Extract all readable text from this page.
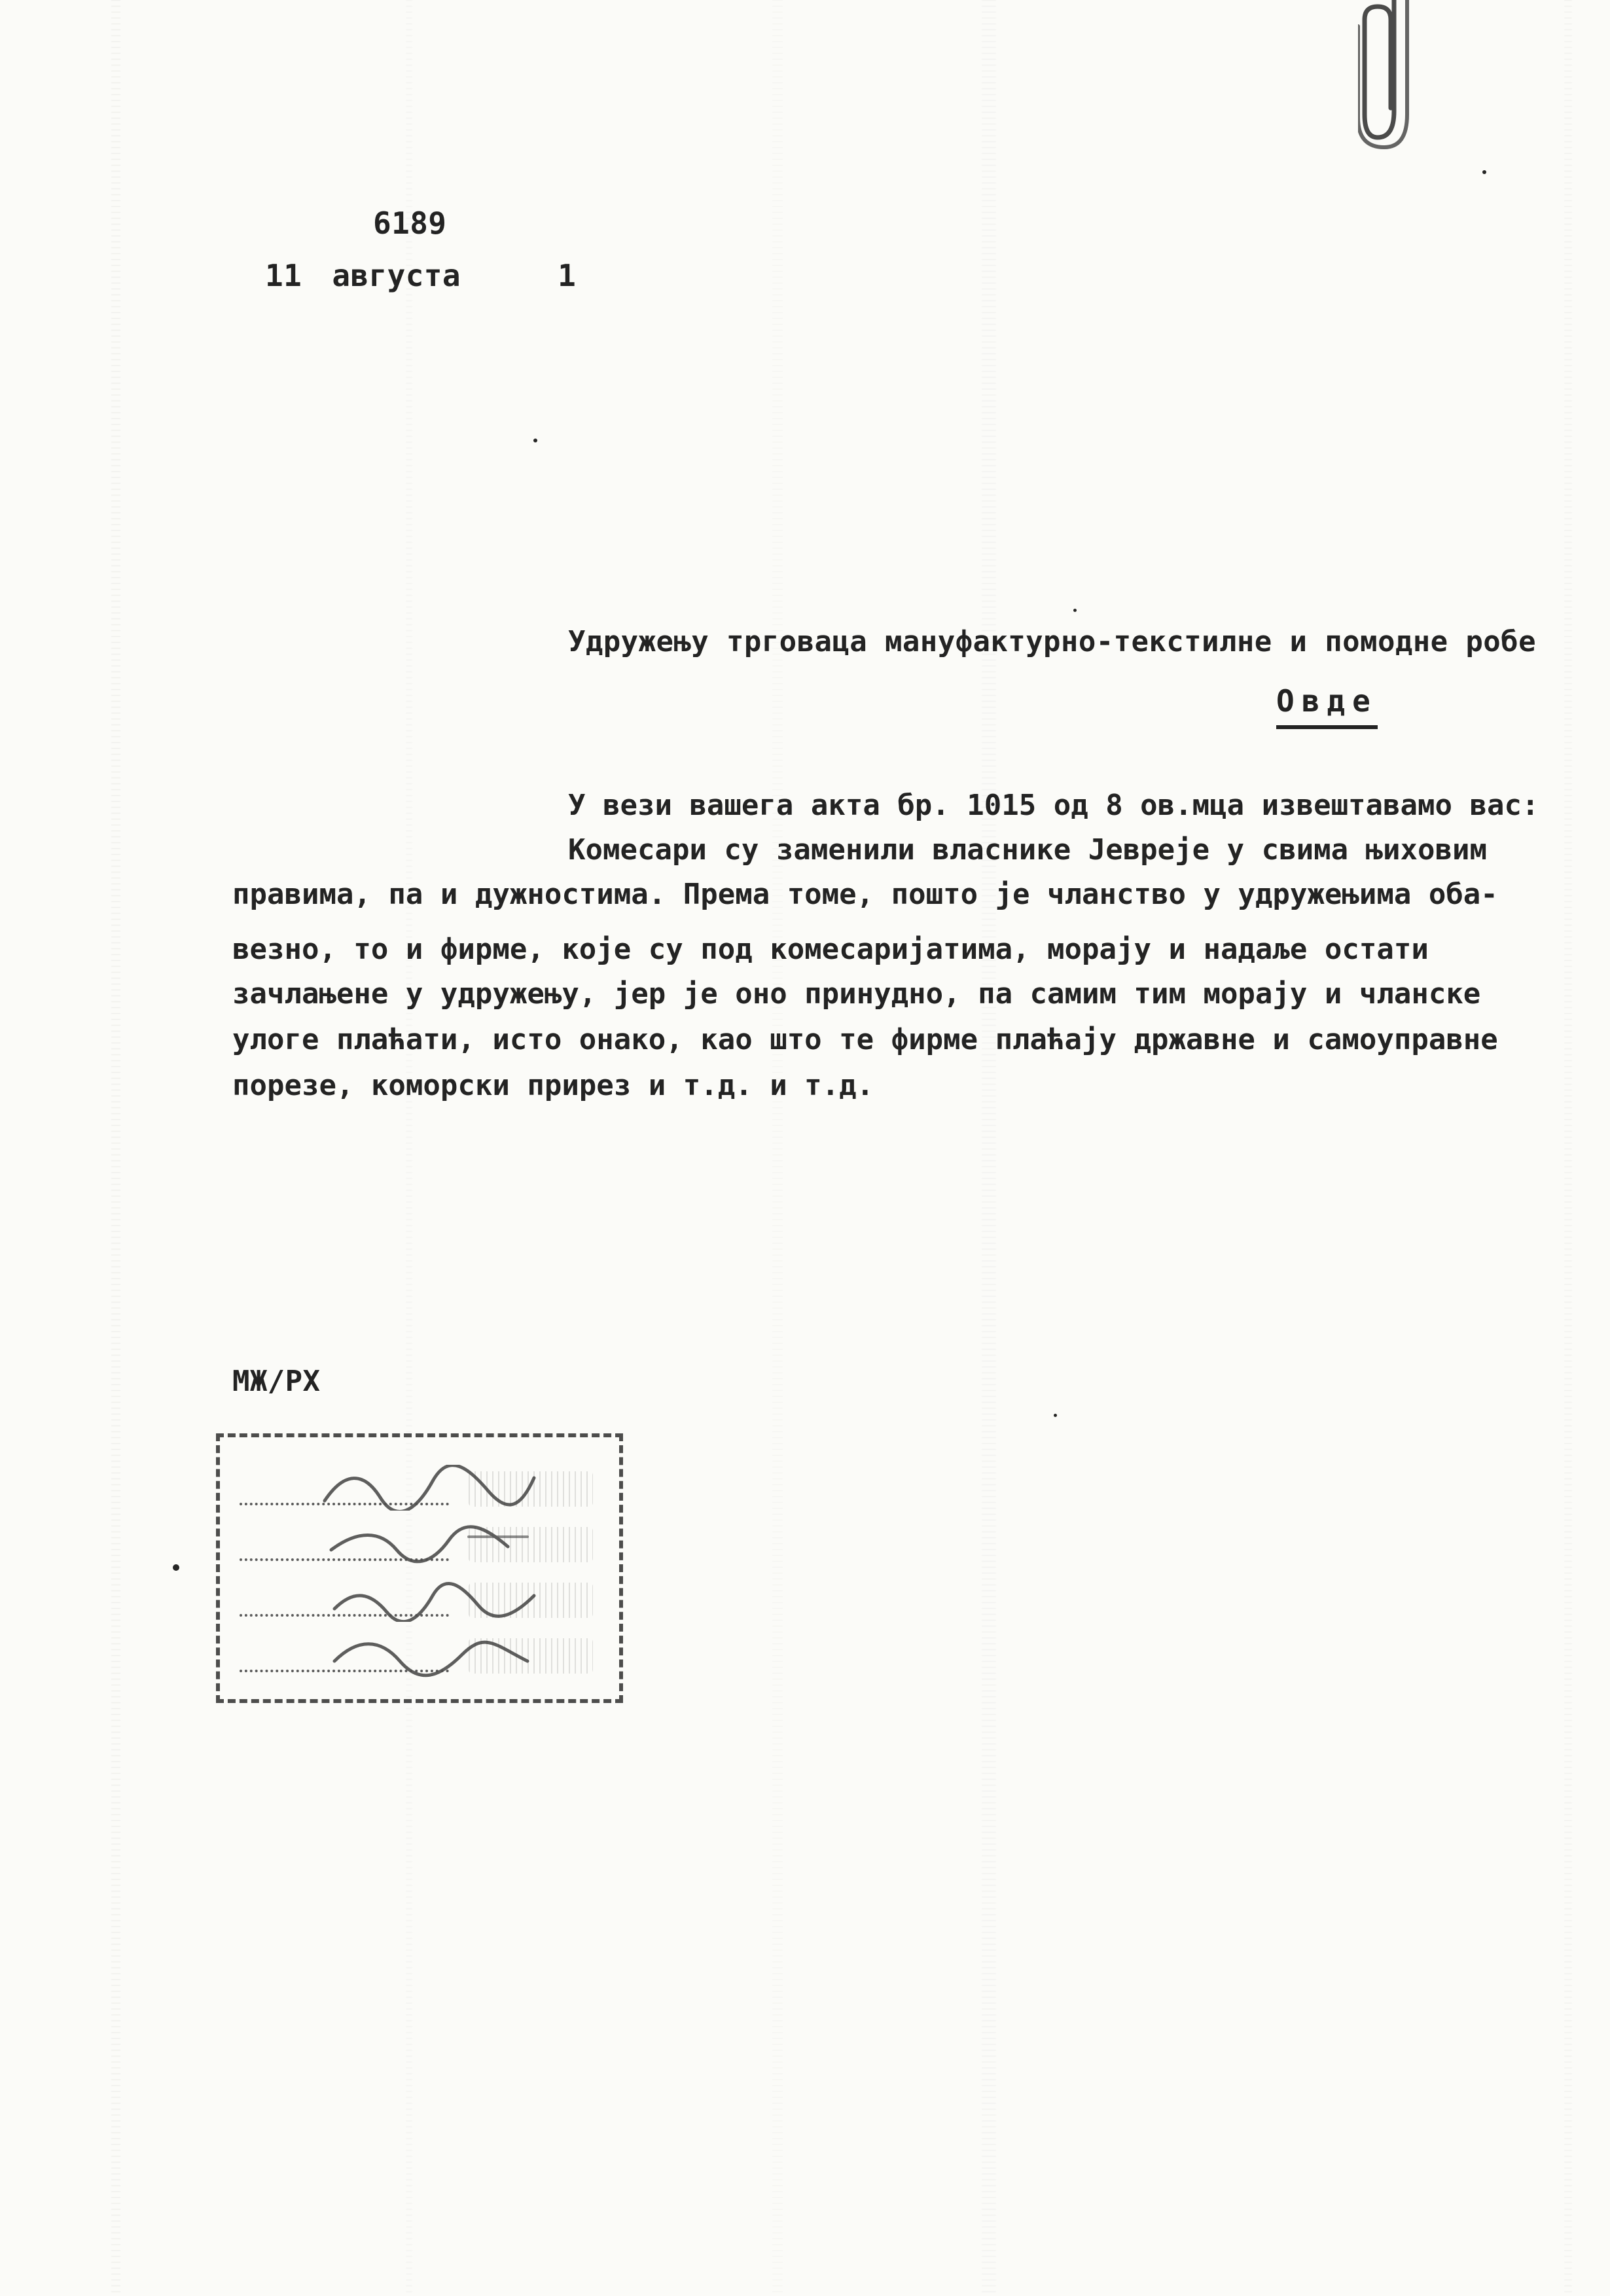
6189
11 августа	1
Удружењу трговаца мануфактурно-текстилне и помодне робе
Овде
У вези вашега акта бр. 1015 од 8 ов.мца извештавамо вас:
Комесари су заменили власнике Јевреје у свима њиховим
правима, па и дужностима. Према томе, пошто је чланство у удружењима оба-
везно, то и фирме, које су под комесаријатима, морају и надаље остати
зачлањене у удружењу, јер је оно принудно, па самим тим морају и чланске
улоге плаћати, исто онако, као што те фирме плаћају државне и самоуправне
порезе, коморски прирез и т.д. и т.д.
МЖ/РХ
